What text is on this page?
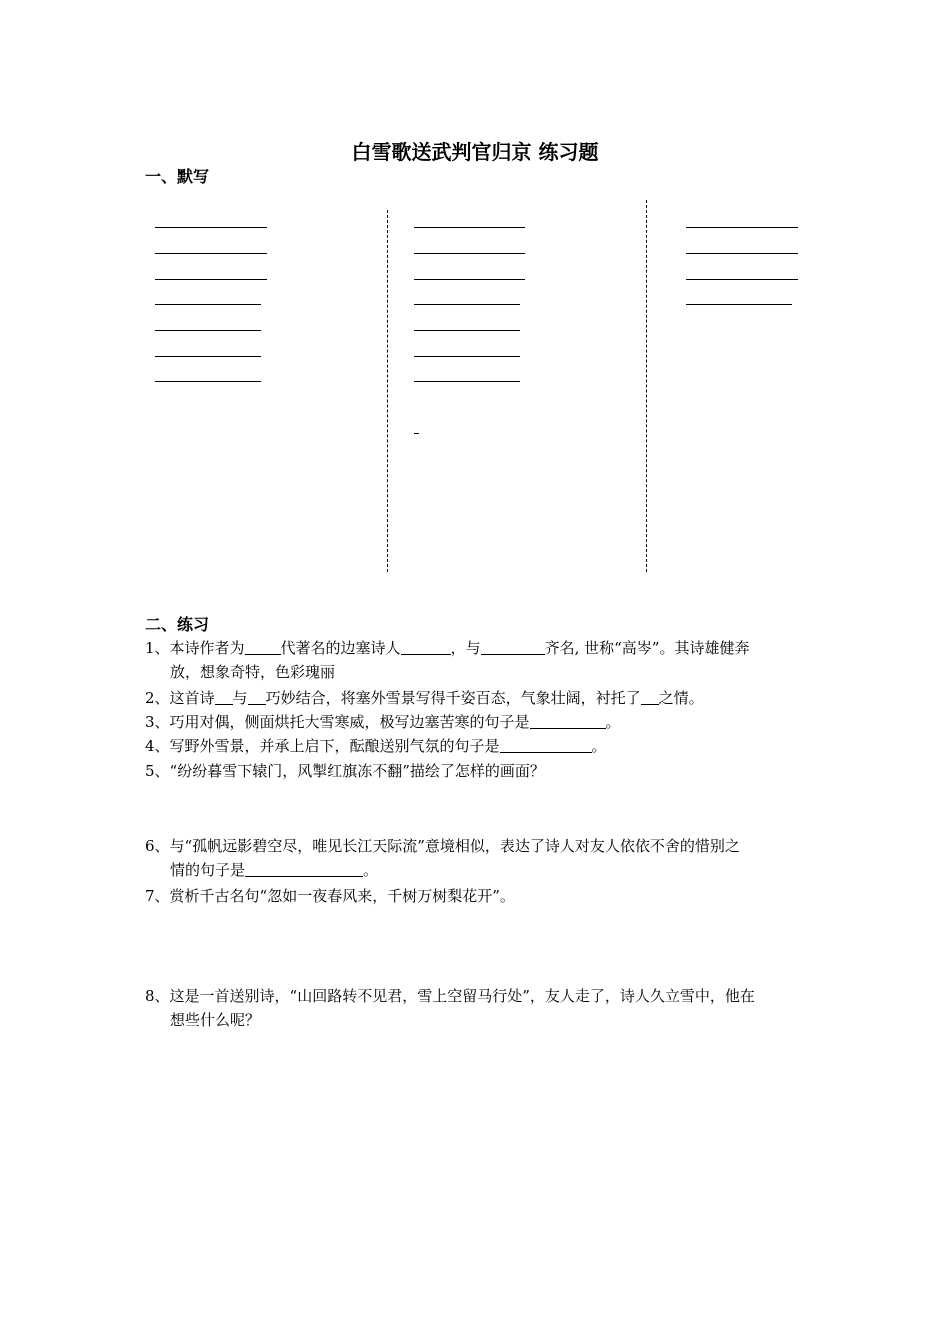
白雪歌送武判官归京 练习题
一、默写
二、练习
1、本诗作者为 代著名的边塞诗人	，与	齐名, 世称“高岑”。其诗雄健奔
放，想象奇特，色彩瑰丽
2、这首诗 与 巧妙结合，将塞外雪景写得千姿百态，气象壮阔，衬托了 之情。
3、巧用对偶，侧面烘托大雪寒威，极写边塞苦寒的句子是	。
4、写野外雪景，并承上启下，酝酿送别气氛的句子是	。
5、“纷纷暮雪下辕门，风掣红旗冻不翻”描绘了怎样的画面？
6、与“孤帆远影碧空尽，唯见长江天际流”意境相似，表达了诗人对友人依依不舍的惜别之
情的句子是	。
7、赏析千古名句“忽如一夜春风来，千树万树梨花开”。
8、这是一首送别诗，“山回路转不见君，雪上空留马行处”，友人走了，诗人久立雪中，他在
想些什么呢？
